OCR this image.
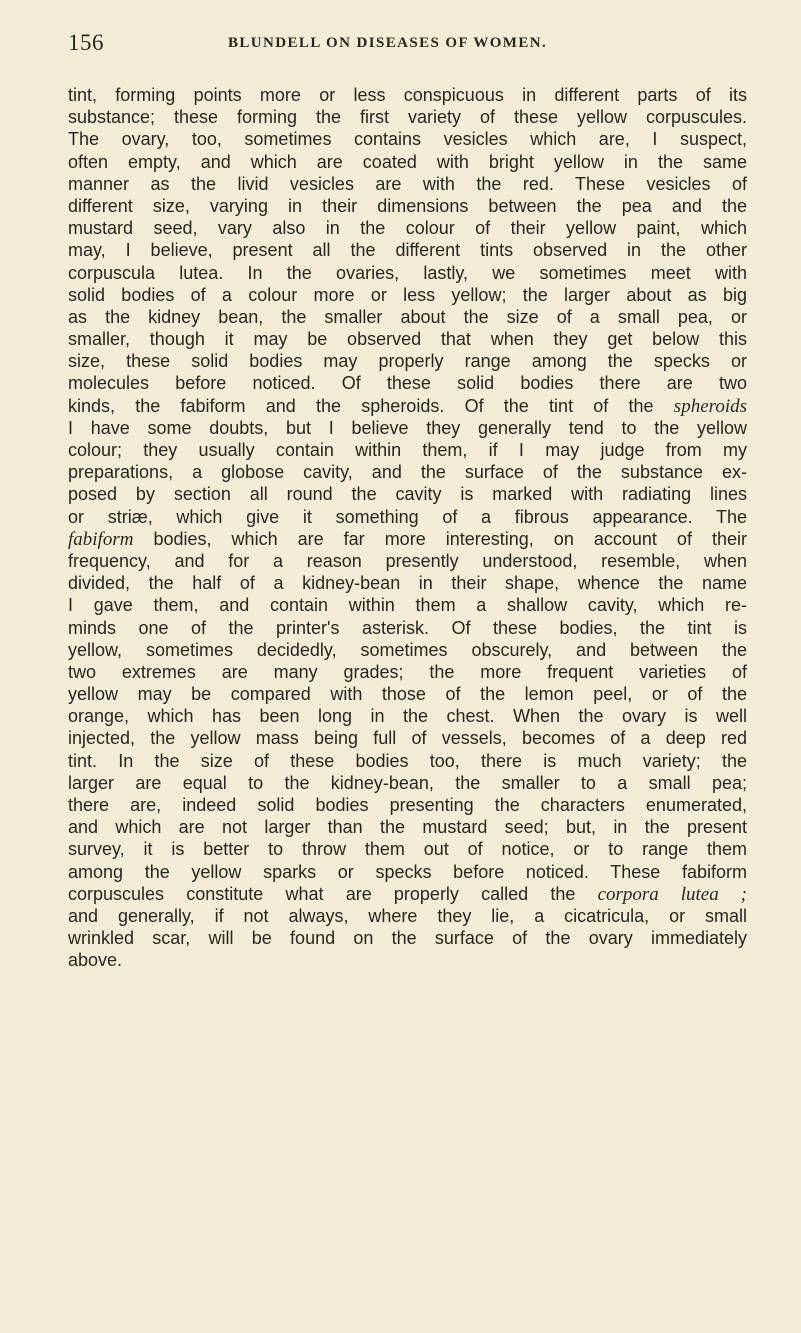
156	BLUNDELL ON DISEASES OF WOMEN.
tint, forming points more or less conspicuous in different parts of its
substance; these forming the first variety of these yellow corpuscules.
The ovary, too, sometimes contains vesicles which are, I suspect,
often empty, and which are coated with bright yellow in the same
manner as the livid vesicles are with the red. These vesicles of
different size, varying in their dimensions between the pea and the
mustard seed, vary also in the colour of their yellow paint, which
may, I believe, present all the different tints observed in the other
corpuscula lutea. In the ovaries, lastly, we sometimes meet with
solid bodies of a colour more or less yellow; the larger about as big
as the kidney bean, the smaller about the size of a small pea, or
smaller, though it may be observed that when they get below this
size, these solid bodies may properly range among the specks or
molecules before noticed. Of these solid bodies there are two
kinds, the fabiform and the spheroids. Of the tint of the spheroids
I have some doubts, but I believe they generally tend to the yellow
colour; they usually contain within them, if I may judge from my
preparations, a globose cavity, and the surface of the substance ex-
posed by section all round the cavity is marked with radiating lines
or striæ, which give it something of a fibrous appearance. The
fabiform bodies, which are far more interesting, on account of their
frequency, and for a reason presently understood, resemble, when
divided, the half of a kidney-bean in their shape, whence the name
I gave them, and contain within them a shallow cavity, which re-
minds one of the printer's asterisk. Of these bodies, the tint is
yellow, sometimes decidedly, sometimes obscurely, and between the
two extremes are many grades; the more frequent varieties of
yellow may be compared with those of the lemon peel, or of the
orange, which has been long in the chest. When the ovary is well
injected, the yellow mass being full of vessels, becomes of a deep red
tint. In the size of these bodies too, there is much variety; the
larger are equal to the kidney-bean, the smaller to a small pea;
there are, indeed solid bodies presenting the characters enumerated,
and which are not larger than the mustard seed; but, in the present
survey, it is better to throw them out of notice, or to range them
among the yellow sparks or specks before noticed. These fabiform
corpuscules constitute what are properly called the corpora lutea ;
and generally, if not always, where they lie, a cicatricula, or small
wrinkled scar, will be found on the surface of the ovary immediately
above.
